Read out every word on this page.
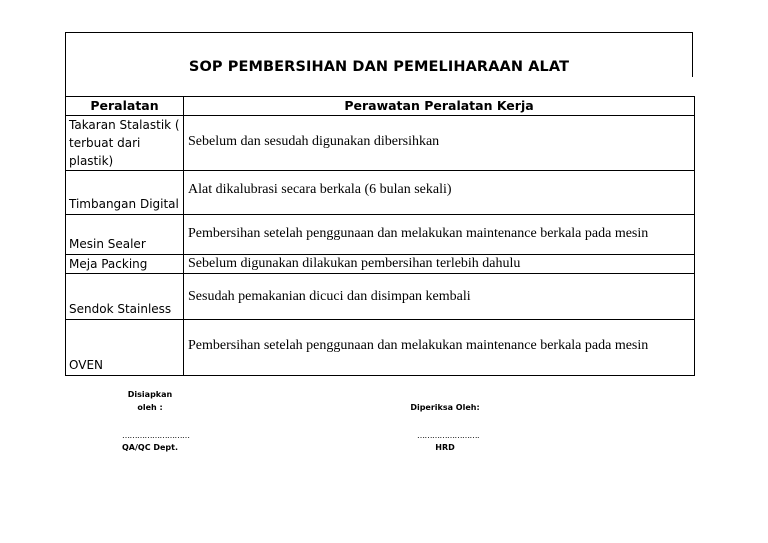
SOP PEMBERSIHAN DAN PEMELIHARAAN ALAT
Peralatan	Perawatan Peralatan Kerja
Takaran Stalastik ( terbuat dari plastik)	Sebelum dan sesudah digunakan dibersihkan
Timbangan Digital	Alat dikalubrasi secara berkala (6 bulan sekali)
Mesin Sealer	Pembersihan setelah penggunaan dan melakukan maintenance berkala pada mesin
Meja Packing	Sebelum digunakan dilakukan pembersihan terlebih dahulu
Sendok Stainless	Sesudah pemakanian dicuci dan disimpan kembali
OVEN	Pembersihan setelah penggunaan dan melakukan maintenance berkala pada mesin
Disiapkan
oleh :
………………………
QA/QC Dept.
Diperiksa Oleh:
…………………….
HRD
